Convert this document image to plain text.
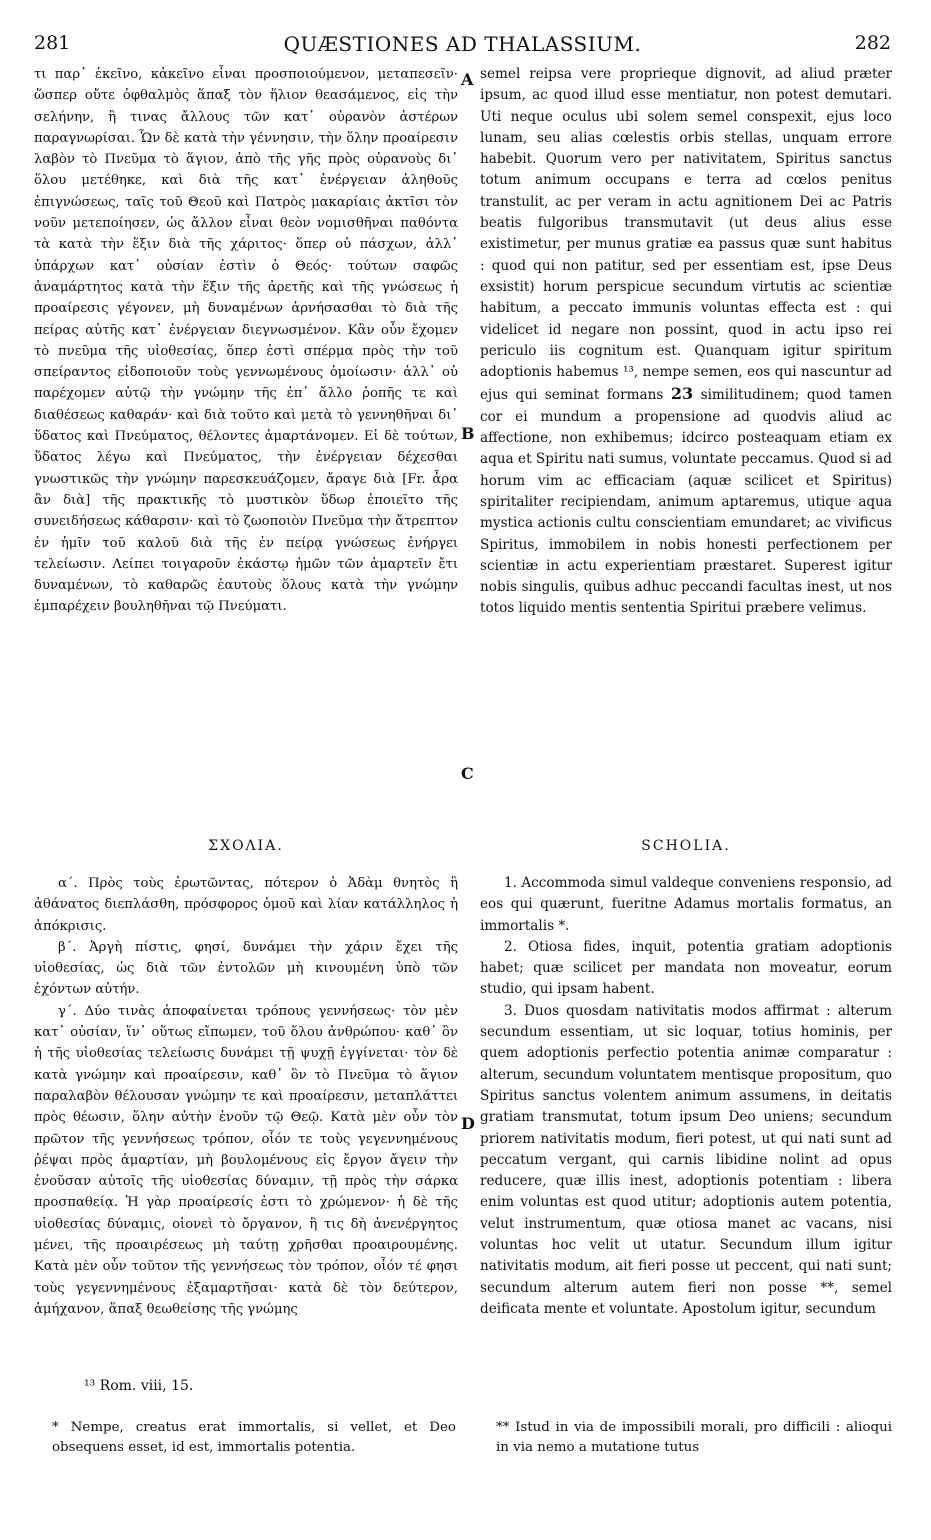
281	QUÆSTIONES AD THALASSIUM.	282
A
B
C
D

τι παρ᾽ ἐκεῖνο, κἀκεῖνο εἶναι προσποιούμενον, μεταπεσεῖν· ὥσπερ οὔτε ὀφθαλμὸς ἅπαξ τὸν ἥλιον θεασάμενος, εἰς τὴν σελήνην, ἢ τινας ἄλλους τῶν κατ᾽ οὐρανὸν ἀστέρων παραγνωρίσαι. Ὧν δὲ κατὰ τὴν γέννησιν, τὴν ὅλην προαίρεσιν λαβὸν τὸ Πνεῦμα τὸ ἅγιον, ἀπὸ τῆς γῆς πρὸς οὐρανοὺς δι᾽ ὅλου μετέθηκε, καὶ διὰ τῆς κατ᾽ ἐνέργειαν ἀληθοῦς ἐπιγνώσεως, ταῖς τοῦ Θεοῦ καὶ Πατρὸς μακαρίαις ἀκτῖσι τὸν νοῦν μετεποίησεν, ὡς ἄλλον εἶναι θεὸν νομισθῆναι παθόντα τὰ κατὰ τὴν ἕξιν διὰ τῆς χάριτος· ὅπερ οὐ πάσχων, ἀλλ᾽ ὑπάρχων κατ᾽ οὐσίαν ἐστὶν ὁ Θεός· τούτων σαφῶς ἀναμάρτητος κατὰ τὴν ἕξιν τῆς ἀρετῆς καὶ τῆς γνώσεως ἡ προαίρεσις γέγονεν, μὴ δυναμένων ἀρνήσασθαι τὸ διὰ τῆς πείρας αὐτῆς κατ᾽ ἐνέργειαν διεγνωσμένον. Κἂν οὖν ἔχομεν τὸ πνεῦμα τῆς υἱοθεσίας, ὅπερ ἐστὶ σπέρμα πρὸς τὴν τοῦ σπείραντος εἰδοποιοῦν τοὺς γεννωμένους ὁμοίωσιν· ἀλλ᾽ οὐ παρέχομεν αὐτῷ τὴν γνώμην τῆς ἐπ᾽ ἄλλο ῥοπῆς τε καὶ διαθέσεως καθαράν· καὶ διὰ τοῦτο καὶ μετὰ τὸ γεννηθῆναι δι᾽ ὕδατος καὶ Πνεύματος, θέλοντες ἁμαρτάνομεν. Εἰ δὲ τούτων, ὕδατος λέγω καὶ Πνεύματος, τὴν ἐνέργειαν δέχεσθαι γνωστικῶς τὴν γνώμην παρεσκευάζομεν, ἄραγε διὰ [Fr. ἆρα ἂν διὰ] τῆς πρακτικῆς τὸ μυστικὸν ὕδωρ ἐποιεῖτο τῆς συνειδήσεως κάθαρσιν· καὶ τὸ ζωοποιὸν Πνεῦμα τὴν ἄτρεπτον ἐν ἡμῖν τοῦ καλοῦ διὰ τῆς ἐν πείρᾳ γνώσεως ἐνήργει τελείωσιν. Λείπει τοιγαροῦν ἑκάστῳ ἡμῶν τῶν ἁμαρτεῖν ἔτι δυναμένων, τὸ καθαρῶς ἑαυτοὺς ὅλους κατὰ τὴν γνώμην ἐμπαρέχειν βουληθῆναι τῷ Πνεύματι.

semel reipsa vere proprieque dignovit, ad aliud præter ipsum, ac quod illud esse mentiatur, non potest demutari. Uti neque oculus ubi solem semel conspexit, ejus loco lunam, seu alias cœlestis orbis stellas, unquam errore habebit. Quorum vero per nativitatem, Spiritus sanctus totum animum occupans e terra ad cœlos penitus transtulit, ac per veram in actu agnitionem Dei ac Patris beatis fulgoribus transmutavit (ut deus alius esse existimetur, per munus gratiæ ea passus quæ sunt habitus : quod qui non patitur, sed per essentiam est, ipse Deus exsistit) horum perspicue secundum virtutis ac scientiæ habitum, a peccato immunis voluntas effecta est : qui videlicet id negare non possint, quod in actu ipso rei periculo iis cognitum est. Quanquam igitur spiritum adoptionis habemus ¹³, nempe semen, eos qui nascuntur ad ejus qui seminat formans 23 similitudinem; quod tamen cor ei mundum a propensione ad quodvis aliud ac affectione, non exhibemus; idcirco posteaquam etiam ex aqua et Spiritu nati sumus, voluntate peccamus. Quod si ad horum vim ac efficaciam (aquæ scilicet et Spiritus) spiritaliter recipiendam, animum aptaremus, utique aqua mystica actionis cultu conscientiam emundaret; ac vivificus Spiritus, immobilem in nobis honesti perfectionem per scientiæ in actu experientiam præstaret. Superest igitur nobis singulis, quibus adhuc peccandi facultas inest, ut nos totos liquido mentis sententia Spiritui præbere velimus.

ΣΧΟΛΙΑ.

α΄. Πρὸς τοὺς ἐρωτῶντας, πότερον ὁ Ἀδὰμ θνητὸς ἢ ἀθάνατος διεπλάσθη, πρόσφορος ὁμοῦ καὶ λίαν κατάλληλος ἡ ἀπόκρισις.

β΄. Ἀργὴ πίστις, φησί, δυνάμει τὴν χάριν ἔχει τῆς υἱοθεσίας, ὡς διὰ τῶν ἐντολῶν μὴ κινουμένη ὑπὸ τῶν ἐχόντων αὐτήν.

γ΄. Δύο τινὰς ἀποφαίνεται τρόπους γεννήσεως· τὸν μὲν κατ᾽ οὐσίαν, ἵν᾽ οὕτως εἴπωμεν, τοῦ ὅλου ἀνθρώπου· καθ᾽ ὃν ἡ τῆς υἱοθεσίας τελείωσις δυνάμει τῇ ψυχῇ ἐγγίνεται· τὸν δὲ κατὰ γνώμην καὶ προαίρεσιν, καθ᾽ ὃν τὸ Πνεῦμα τὸ ἅγιον παραλαβὸν θέλουσαν γνώμην τε καὶ προαίρεσιν, μεταπλάττει πρὸς θέωσιν, ὅλην αὐτὴν ἑνοῦν τῷ Θεῷ. Κατὰ μὲν οὖν τὸν πρῶτον τῆς γεννήσεως τρόπον, οἷόν τε τοὺς γεγεννημένους ῥέψαι πρὸς ἁμαρτίαν, μὴ βουλομένους εἰς ἔργον ἄγειν τὴν ἐνοῦσαν αὐτοῖς τῆς υἱοθεσίας δύναμιν, τῇ πρὸς τὴν σάρκα προσπαθείᾳ. Ἡ γὰρ προαίρεσίς ἐστι τὸ χρώμενον· ἡ δὲ τῆς υἱοθεσίας δύναμις, οἱονεὶ τὸ ὄργανον, ἢ τις δὴ ἀνενέργητος μένει, τῆς προαιρέσεως μὴ ταύτῃ χρῆσθαι προαιρουμένης. Κατὰ μὲν οὖν τοῦτον τῆς γεννήσεως τὸν τρόπον, οἷόν τέ φησι τοὺς γεγεννημένους ἐξαμαρτῆσαι· κατὰ δὲ τὸν δεύτερον, ἀμήχανον, ἅπαξ θεωθείσης τῆς γνώμης

SCHOLIA.

1. Accommoda simul valdeque conveniens responsio, ad eos qui quærunt, fueritne Adamus mortalis formatus, an immortalis *.

2. Otiosa fides, inquit, potentia gratiam adoptionis habet; quæ scilicet per mandata non moveatur, eorum studio, qui ipsam habent.

3. Duos quosdam nativitatis modos affirmat : alterum secundum essentiam, ut sic loquar, totius hominis, per quem adoptionis perfectio potentia animæ comparatur : alterum, secundum voluntatem mentisque propositum, quo Spiritus sanctus volentem animum assumens, in deitatis gratiam transmutat, totum ipsum Deo uniens; secundum priorem nativitatis modum, fieri potest, ut qui nati sunt ad peccatum vergant, qui carnis libidine nolint ad opus reducere, quæ illis inest, adoptionis potentiam : libera enim voluntas est quod utitur; adoptionis autem potentia, velut instrumentum, quæ otiosa manet ac vacans, nisi voluntas hoc velit ut utatur. Secundum illum igitur nativitatis modum, ait fieri posse ut peccent, qui nati sunt; secundum alterum autem fieri non posse **, semel deificata mente et voluntate. Apostolum igitur, secundum

¹³ Rom. viii, 15.
* Nempe, creatus erat immortalis, si vellet, et Deo obsequens esset, id est, immortalis potentia.
** Istud in via de impossibili morali, pro difficili : alioqui in via nemo a mutatione tutus
